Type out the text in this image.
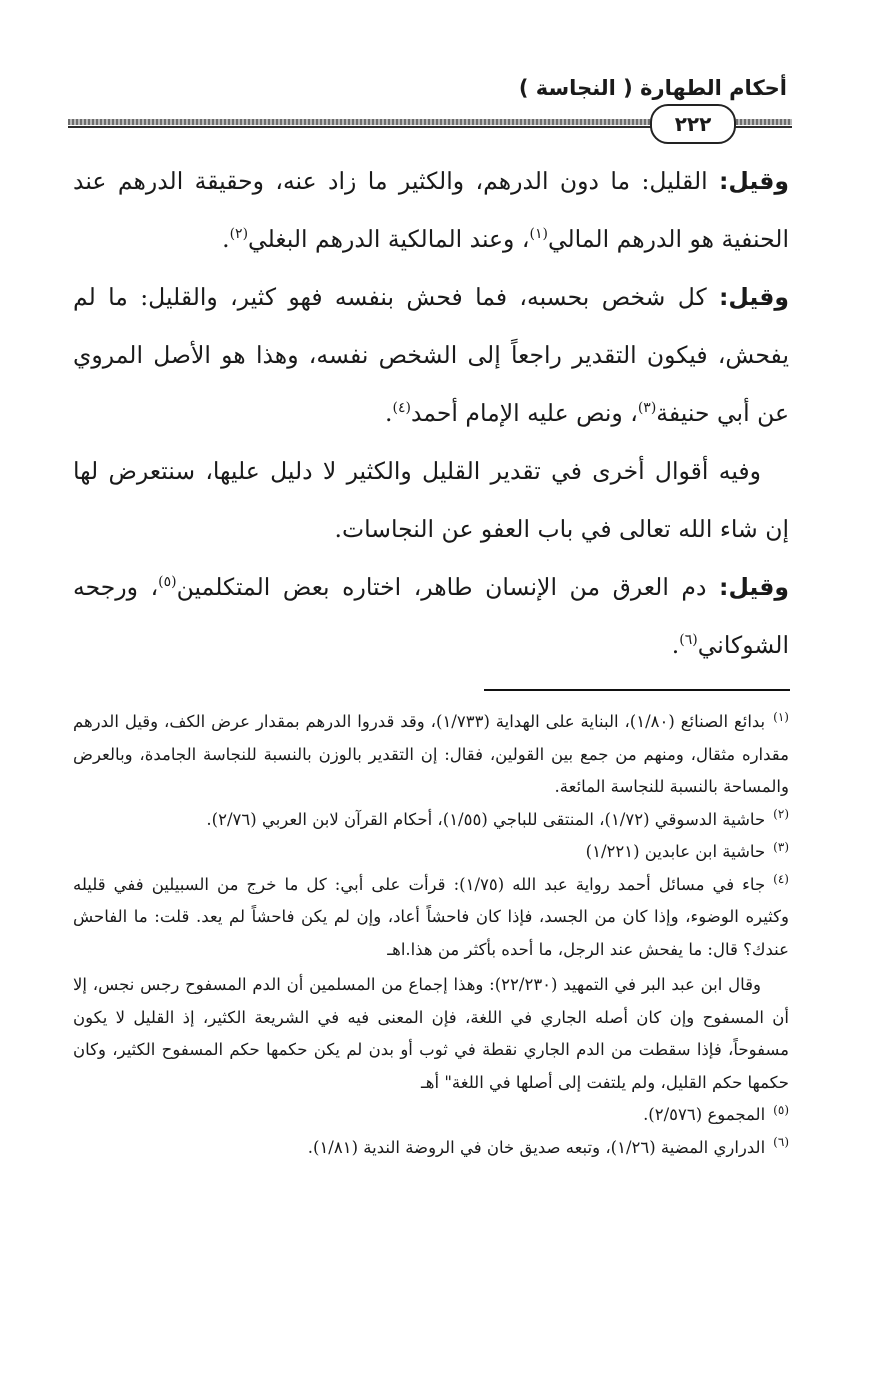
أحكام الطهارة ( النجاسة )
٢٢٢

وقيل: القليل: ما دون الدرهم، والكثير ما زاد عنه، وحقيقة الدرهم عند الحنفية هو الدرهم المالي$^{(١)}$، وعند المالكية الدرهم البغلي$^{(٢)}$.

وقيل: كل شخص بحسبه، فما فحش بنفسه فهو كثير، والقليل: ما لم يفحش، فيكون التقدير راجعاً إلى الشخص نفسه، وهذا هو الأصل المروي عن أبي حنيفة$^{(٣)}$، ونص عليه الإمام أحمد$^{(٤)}$.

وفيه أقوال أخرى في تقدير القليل والكثير لا دليل عليها، سنتعرض لها إن شاء الله تعالى في باب العفو عن النجاسات.

وقيل: دم العرق من الإنسان طاهر، اختاره بعض المتكلمين$^{(٥)}$، ورجحه الشوكاني$^{(٦)}$.

$^{(١)}$بدائع الصنائع (١/٨٠)، البناية على الهداية (١/٧٣٣)، وقد قدروا الدرهم بمقدار عرض الكف، وقيل الدرهم مقداره مثقال، ومنهم من جمع بين القولين، فقال: إن التقدير بالوزن بالنسبة للنجاسة الجامدة، وبالعرض والمساحة بالنسبة للنجاسة المائعة.

$^{(٢)}$حاشية الدسوقي (١/٧٢)، المنتقى للباجي (١/٥٥)، أحكام القرآن لابن العربي (٢/٧٦).

$^{(٣)}$حاشية ابن عابدين (١/٢٢١)

$^{(٤)}$جاء في مسائل أحمد رواية عبد الله (١/٧٥): قرأت على أبي: كل ما خرج من السبيلين ففي قليله وكثيره الوضوء، وإذا كان من الجسد، فإذا كان فاحشاً أعاد، وإن لم يكن فاحشاً لم يعد. قلت: ما الفاحش عندك؟ قال: ما يفحش عند الرجل، ما أحده بأكثر من هذا.اهـ

وقال ابن عبد البر في التمهيد (٢٢/٢٣٠): وهذا إجماع من المسلمين أن الدم المسفوح رجس نجس، إلا أن المسفوح وإن كان أصله الجاري في اللغة، فإن المعنى فيه في الشريعة الكثير، إذ القليل لا يكون مسفوحاً، فإذا سقطت من الدم الجاري نقطة في ثوب أو بدن لم يكن حكمها حكم المسفوح الكثير، وكان حكمها حكم القليل، ولم يلتفت إلى أصلها في اللغة" أهـ

$^{(٥)}$المجموع (٢/٥٧٦).

$^{(٦)}$الدراري المضية (١/٢٦)، وتبعه صديق خان في الروضة الندية (١/٨١).
